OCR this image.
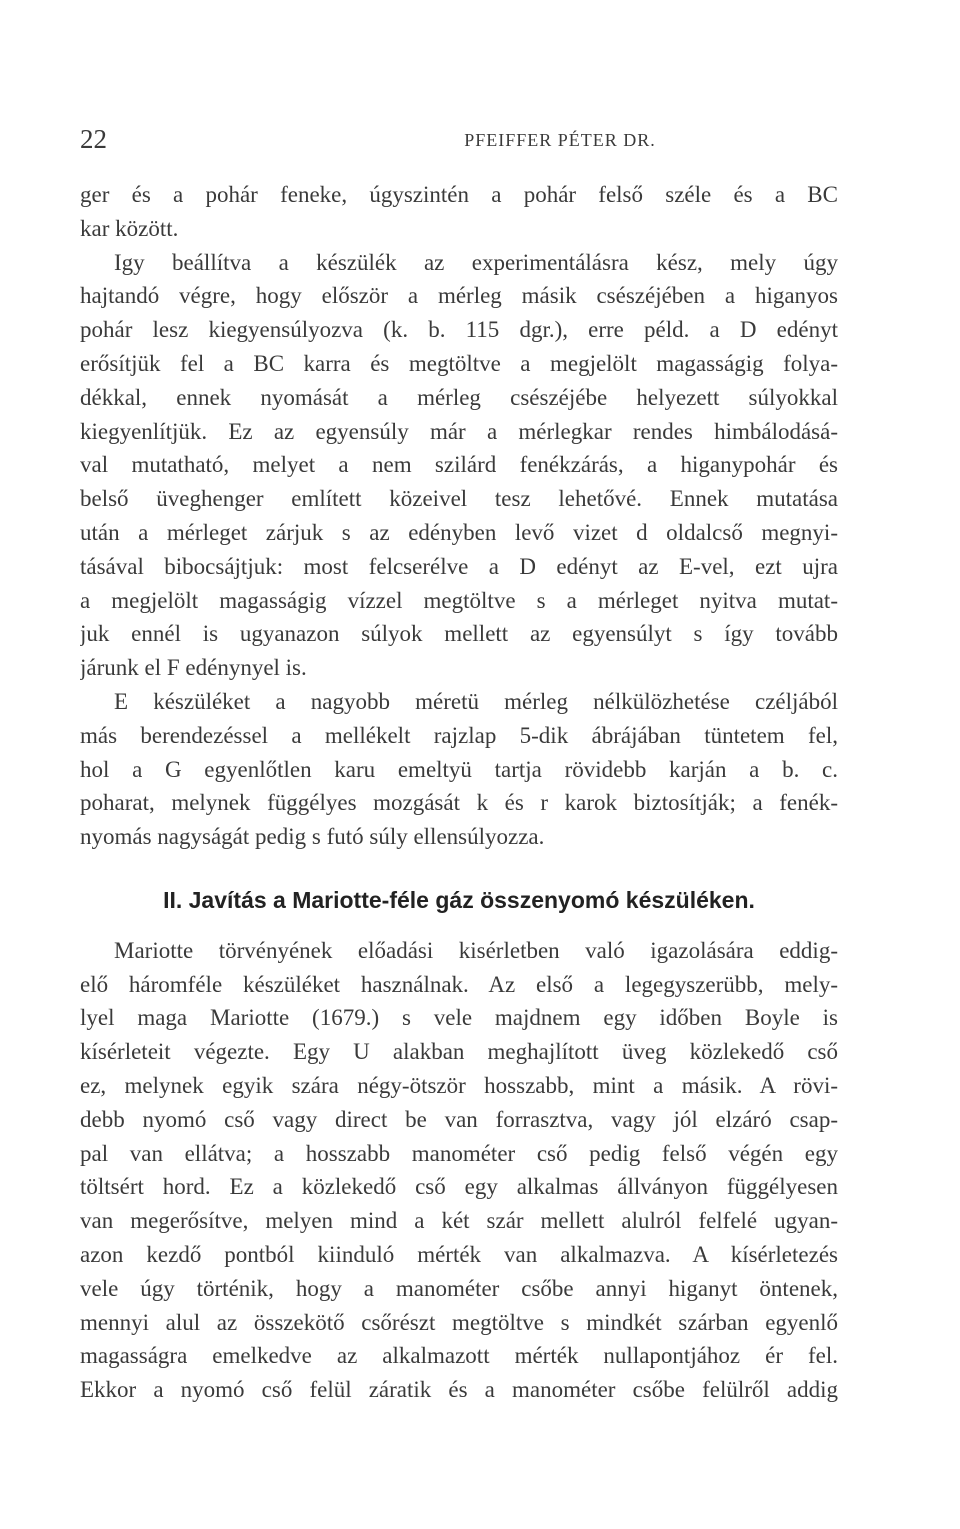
22	PFEIFFER PÉTER DR.
ger és a pohár feneke, úgyszintén a pohár felső széle és a BC
kar között.
Igy beállítva a készülék az experimentálásra kész, mely úgy
hajtandó végre, hogy először a mérleg másik csészéjében a higanyos
pohár lesz kiegyensúlyozva (k. b. 115 dgr.), erre péld. a D edényt
erősítjük fel a BC karra és megtöltve a megjelölt magasságig folya-
dékkal, ennek nyomását a mérleg csészéjébe helyezett súlyokkal
kiegyenlítjük. Ez az egyensúly már a mérlegkar rendes himbálodásá-
val mutatható, melyet a nem szilárd fenékzárás, a higanypohár és
belső üveghenger említett közeivel tesz lehetővé. Ennek mutatása
után a mérleget zárjuk s az edényben levő vizet d oldalcső megnyi-
tásával bibocsájtjuk: most felcserélve a D edényt az E-vel, ezt ujra
a megjelölt magasságig vízzel megtöltve s a mérleget nyitva mutat-
juk ennél is ugyanazon súlyok mellett az egyensúlyt s így tovább
járunk el F edénynyel is.
E készüléket a nagyobb méretü mérleg nélkülözhetése czéljából
más berendezéssel a mellékelt rajzlap 5-dik ábrájában tüntetem fel,
hol a G egyenlőtlen karu emeltyü tartja rövidebb karján a b. c.
poharat, melynek függélyes mozgását k és r karok biztosítják; a fenék-
nyomás nagyságát pedig s futó súly ellensúlyozza.
II. Javítás a Mariotte-féle gáz összenyomó készüléken.
Mariotte törvényének előadási kisérletben való igazolására eddig-
elő háromféle készüléket használnak. Az első a legegyszerübb, mely-
lyel maga Mariotte (1679.) s vele majdnem egy időben Boyle is
kísérleteit végezte. Egy U alakban meghajlított üveg közlekedő cső
ez, melynek egyik szára négy-ötször hosszabb, mint a másik. A rövi-
debb nyomó cső vagy direct be van forrasztva, vagy jól elzáró csap-
pal van ellátva; a hosszabb manométer cső pedig felső végén egy
töltsért hord. Ez a közlekedő cső egy alkalmas állványon függélyesen
van megerősítve, melyen mind a két szár mellett alulról felfelé ugyan-
azon kezdő pontból kiinduló mérték van alkalmazva. A kísérletezés
vele úgy történik, hogy a manométer csőbe annyi higanyt öntenek,
mennyi alul az összekötő csőrészt megtöltve s mindkét szárban egyenlő
magasságra emelkedve az alkalmazott mérték nullapontjához ér fel.
Ekkor a nyomó cső felül záratik és a manométer csőbe felülről addig
